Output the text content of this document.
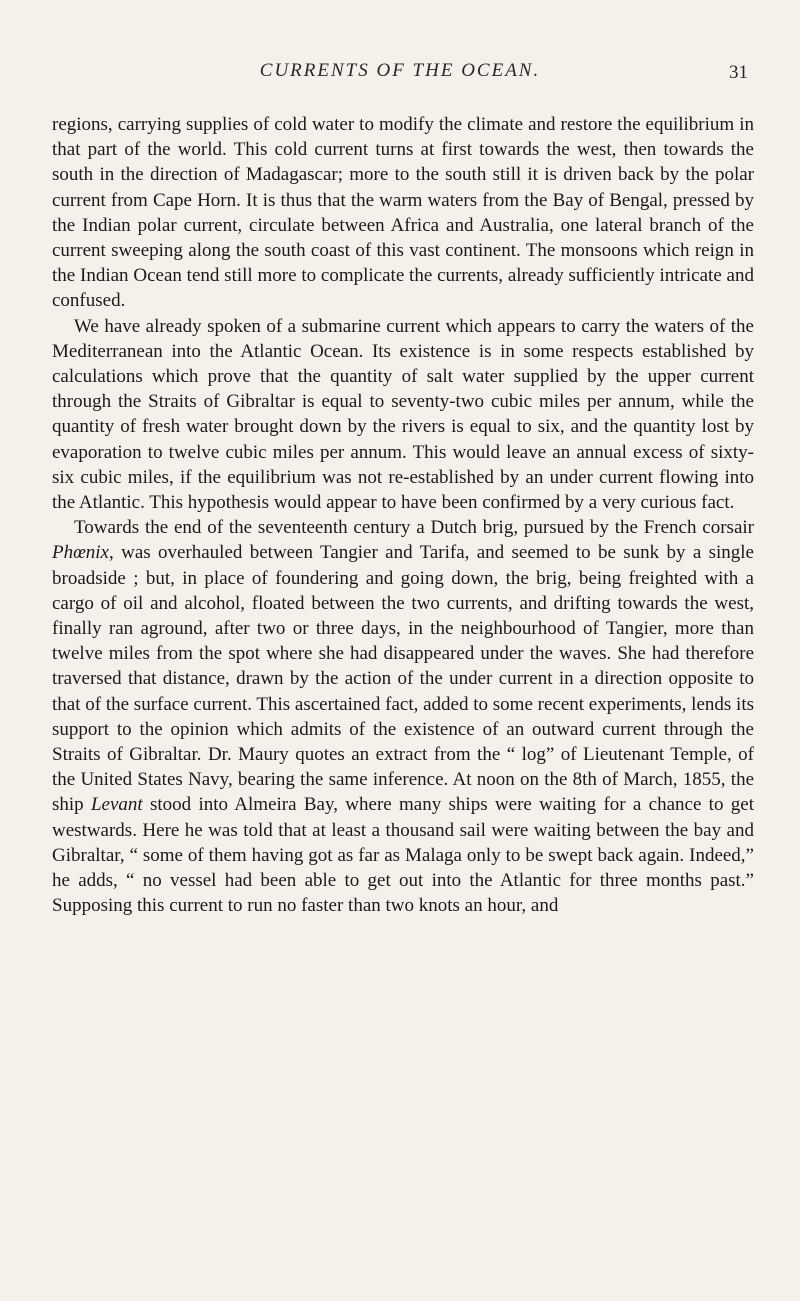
CURRENTS OF THE OCEAN.	31

regions, carrying supplies of cold water to modify the climate and restore the equilibrium in that part of the world. This cold current turns at first towards the west, then towards the south in the direction of Madagascar; more to the south still it is driven back by the polar current from Cape Horn. It is thus that the warm waters from the Bay of Bengal, pressed by the Indian polar current, circulate between Africa and Australia, one lateral branch of the current sweeping along the south coast of this vast continent. The monsoons which reign in the Indian Ocean tend still more to complicate the currents, already sufficiently intricate and confused.

We have already spoken of a submarine current which appears to carry the waters of the Mediterranean into the Atlantic Ocean. Its existence is in some respects established by calculations which prove that the quantity of salt water supplied by the upper current through the Straits of Gibraltar is equal to seventy-two cubic miles per annum, while the quantity of fresh water brought down by the rivers is equal to six, and the quantity lost by evaporation to twelve cubic miles per annum. This would leave an annual excess of sixty-six cubic miles, if the equilibrium was not re-established by an under current flowing into the Atlantic. This hypothesis would appear to have been confirmed by a very curious fact.

Towards the end of the seventeenth century a Dutch brig, pursued by the French corsair Phœnix, was overhauled between Tangier and Tarifa, and seemed to be sunk by a single broadside ; but, in place of foundering and going down, the brig, being freighted with a cargo of oil and alcohol, floated between the two currents, and drifting towards the west, finally ran aground, after two or three days, in the neighbourhood of Tangier, more than twelve miles from the spot where she had disappeared under the waves. She had therefore traversed that distance, drawn by the action of the under current in a direction opposite to that of the surface current. This ascertained fact, added to some recent experiments, lends its support to the opinion which admits of the existence of an outward current through the Straits of Gibraltar. Dr. Maury quotes an extract from the “ log” of Lieutenant Temple, of the United States Navy, bearing the same inference. At noon on the 8th of March, 1855, the ship Levant stood into Almeira Bay, where many ships were waiting for a chance to get westwards. Here he was told that at least a thousand sail were waiting between the bay and Gibraltar, “ some of them having got as far as Malaga only to be swept back again. Indeed,” he adds, “ no vessel had been able to get out into the Atlantic for three months past.” Supposing this current to run no faster than two knots an hour, and
